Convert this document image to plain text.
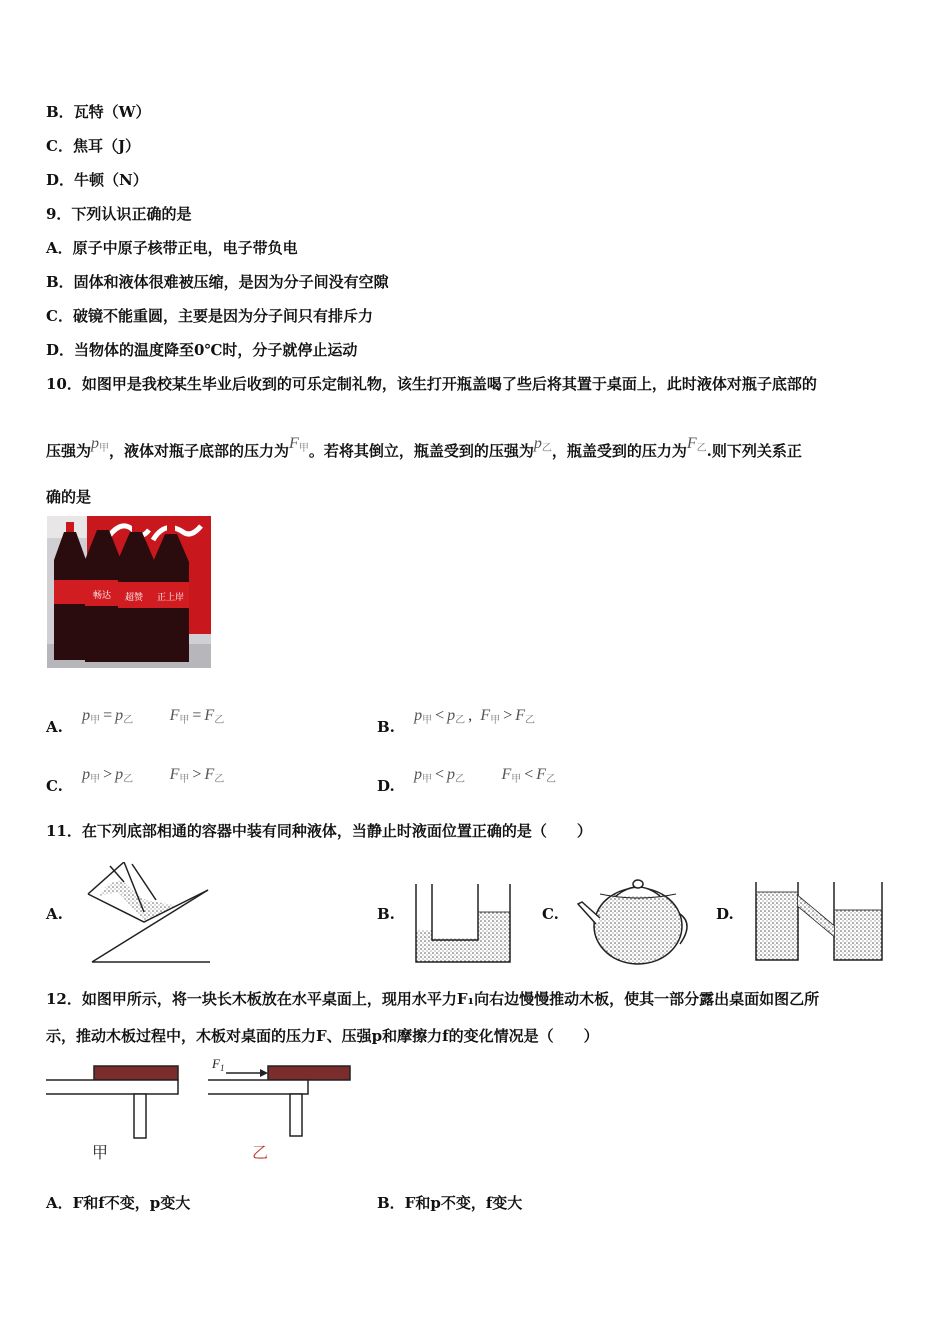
B．瓦特（W）
C．焦耳（J）
D．牛顿（N）
9．下列认识正确的是
A．原子中原子核带正电，电子带负电
B．固体和液体很难被压缩，是因为分子间没有空隙
C．破镜不能重圆，主要是因为分子间只有排斥力
D．当物体的温度降至0℃时，分子就停止运动
10．如图甲是我校某生毕业后收到的可乐定制礼物，该生打开瓶盖喝了些后将其置于桌面上，此时液体对瓶子底部的
压强为$p_甲$，液体对瓶子底部的压力为$F_甲$。若将其倒立，瓶盖受到的压强为$p_乙$，瓶盖受到的压力为$F_乙$.则下列关系正
确的是
畅达 超赞 正上岸
A. $p_甲 = p_乙$ $F_甲 = F_乙$	B. $p_甲 < p_乙$ , $F_甲 > F_乙$
C. $p_甲 > p_乙$ $F_甲 > F_乙$	D. $p_甲 < p_乙$ $F_甲 < F_乙$
11．在下列底部相通的容器中装有同种液体，当静止时液面位置正确的是（　　）
A.	B.	C.	D.
12．如图甲所示，将一块长木板放在水平桌面上，现用水平力F₁向右边慢慢推动木板，使其一部分露出桌面如图乙所
示，推动木板过程中，木板对桌面的压力F、压强p和摩擦力f的变化情况是（　　）
甲	乙
$F_1$
A．F和f不变，p变大	B．F和p不变，f变大
